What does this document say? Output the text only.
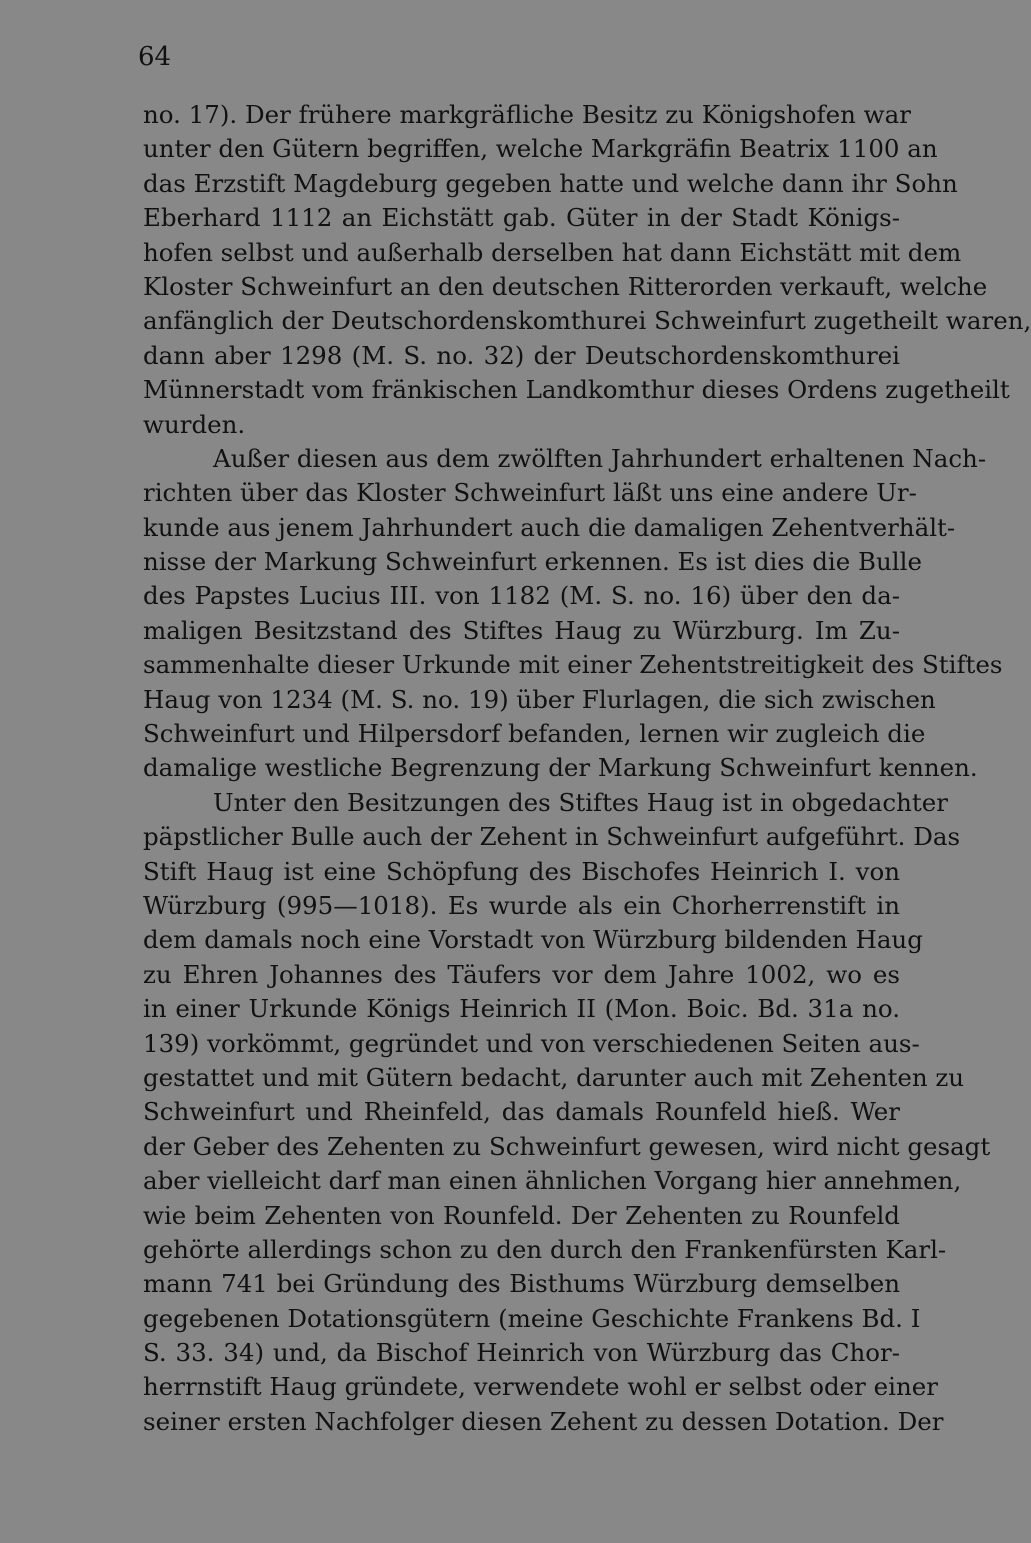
64
no. 17). Der frühere markgräfliche Besitz zu Königshofen war
unter den Gütern begriffen, welche Markgräfin Beatrix 1100 an
das Erzstift Magdeburg gegeben hatte und welche dann ihr Sohn
Eberhard 1112 an Eichstätt gab. Güter in der Stadt Königs-
hofen selbst und außerhalb derselben hat dann Eichstätt mit dem
Kloster Schweinfurt an den deutschen Ritterorden verkauft, welche
anfänglich der Deutschordenskomthurei Schweinfurt zugetheilt waren,
dann aber 1298 (M. S. no. 32) der Deutschordenskomthurei
Münnerstadt vom fränkischen Landkomthur dieses Ordens zugetheilt
wurden.
Außer diesen aus dem zwölften Jahrhundert erhaltenen Nach-
richten über das Kloster Schweinfurt läßt uns eine andere Ur-
kunde aus jenem Jahrhundert auch die damaligen Zehentverhält-
nisse der Markung Schweinfurt erkennen. Es ist dies die Bulle
des Papstes Lucius III. von 1182 (M. S. no. 16) über den da-
maligen Besitzstand des Stiftes Haug zu Würzburg. Im Zu-
sammenhalte dieser Urkunde mit einer Zehentstreitigkeit des Stiftes
Haug von 1234 (M. S. no. 19) über Flurlagen, die sich zwischen
Schweinfurt und Hilpersdorf befanden, lernen wir zugleich die
damalige westliche Begrenzung der Markung Schweinfurt kennen.
Unter den Besitzungen des Stiftes Haug ist in obgedachter
päpstlicher Bulle auch der Zehent in Schweinfurt aufgeführt. Das
Stift Haug ist eine Schöpfung des Bischofes Heinrich I. von
Würzburg (995—1018). Es wurde als ein Chorherrenstift in
dem damals noch eine Vorstadt von Würzburg bildenden Haug
zu Ehren Johannes des Täufers vor dem Jahre 1002, wo es
in einer Urkunde Königs Heinrich II (Mon. Boic. Bd. 31a no.
139) vorkömmt, gegründet und von verschiedenen Seiten aus-
gestattet und mit Gütern bedacht, darunter auch mit Zehenten zu
Schweinfurt und Rheinfeld, das damals Rounfeld hieß. Wer
der Geber des Zehenten zu Schweinfurt gewesen, wird nicht gesagt
aber vielleicht darf man einen ähnlichen Vorgang hier annehmen,
wie beim Zehenten von Rounfeld. Der Zehenten zu Rounfeld
gehörte allerdings schon zu den durch den Frankenfürsten Karl-
mann 741 bei Gründung des Bisthums Würzburg demselben
gegebenen Dotationsgütern (meine Geschichte Frankens Bd. I
S. 33. 34) und, da Bischof Heinrich von Würzburg das Chor-
herrnstift Haug gründete, verwendete wohl er selbst oder einer
seiner ersten Nachfolger diesen Zehent zu dessen Dotation. Der
